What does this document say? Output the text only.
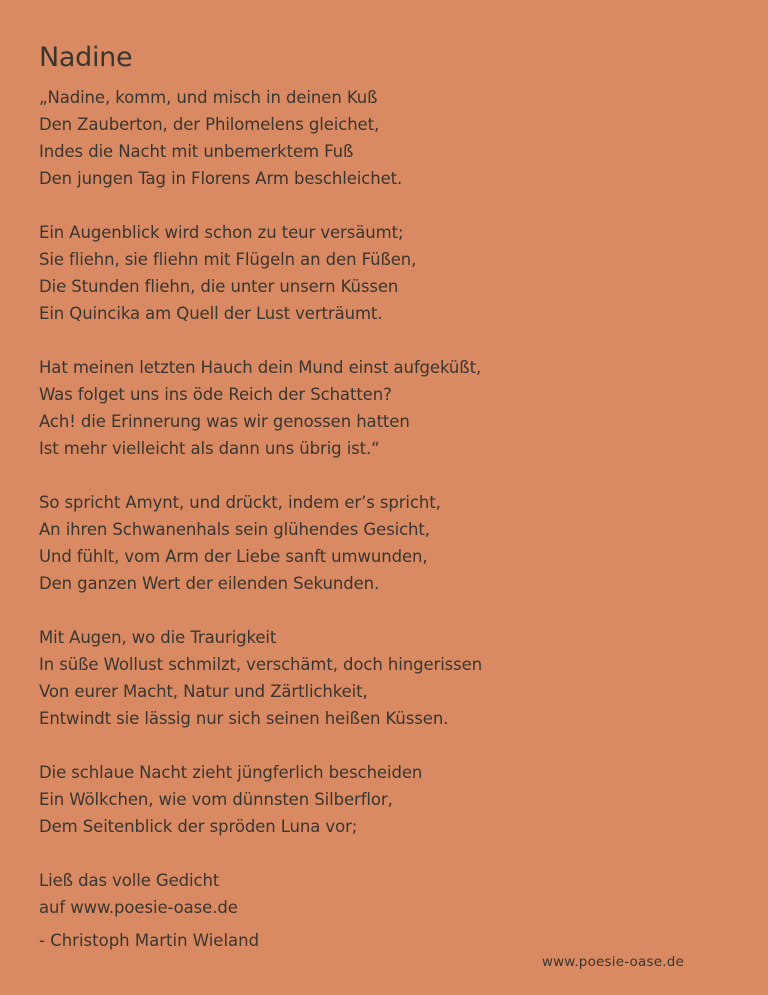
Nadine
„Nadine, komm, und misch in deinen Kuß
Den Zauberton, der Philomelens gleichet,
Indes die Nacht mit unbemerktem Fuß
Den jungen Tag in Florens Arm beschleichet.
Ein Augenblick wird schon zu teur versäumt;
Sie fliehn, sie fliehn mit Flügeln an den Füßen,
Die Stunden fliehn, die unter unsern Küssen
Ein Quincika am Quell der Lust verträumt.
Hat meinen letzten Hauch dein Mund einst aufgeküßt,
Was folget uns ins öde Reich der Schatten?
Ach! die Erinnerung was wir genossen hatten
Ist mehr vielleicht als dann uns übrig ist.“
So spricht Amynt, und drückt, indem er’s spricht,
An ihren Schwanenhals sein glühendes Gesicht,
Und fühlt, vom Arm der Liebe sanft umwunden,
Den ganzen Wert der eilenden Sekunden.
Mit Augen, wo die Traurigkeit
In süße Wollust schmilzt, verschämt, doch hingerissen
Von eurer Macht, Natur und Zärtlichkeit,
Entwindt sie lässig nur sich seinen heißen Küssen.
Die schlaue Nacht zieht jüngferlich bescheiden
Ein Wölkchen, wie vom dünnsten Silberflor,
Dem Seitenblick der spröden Luna vor;
Ließ das volle Gedicht
auf www.poesie-oase.de
- Christoph Martin Wieland
www.poesie-oase.de
